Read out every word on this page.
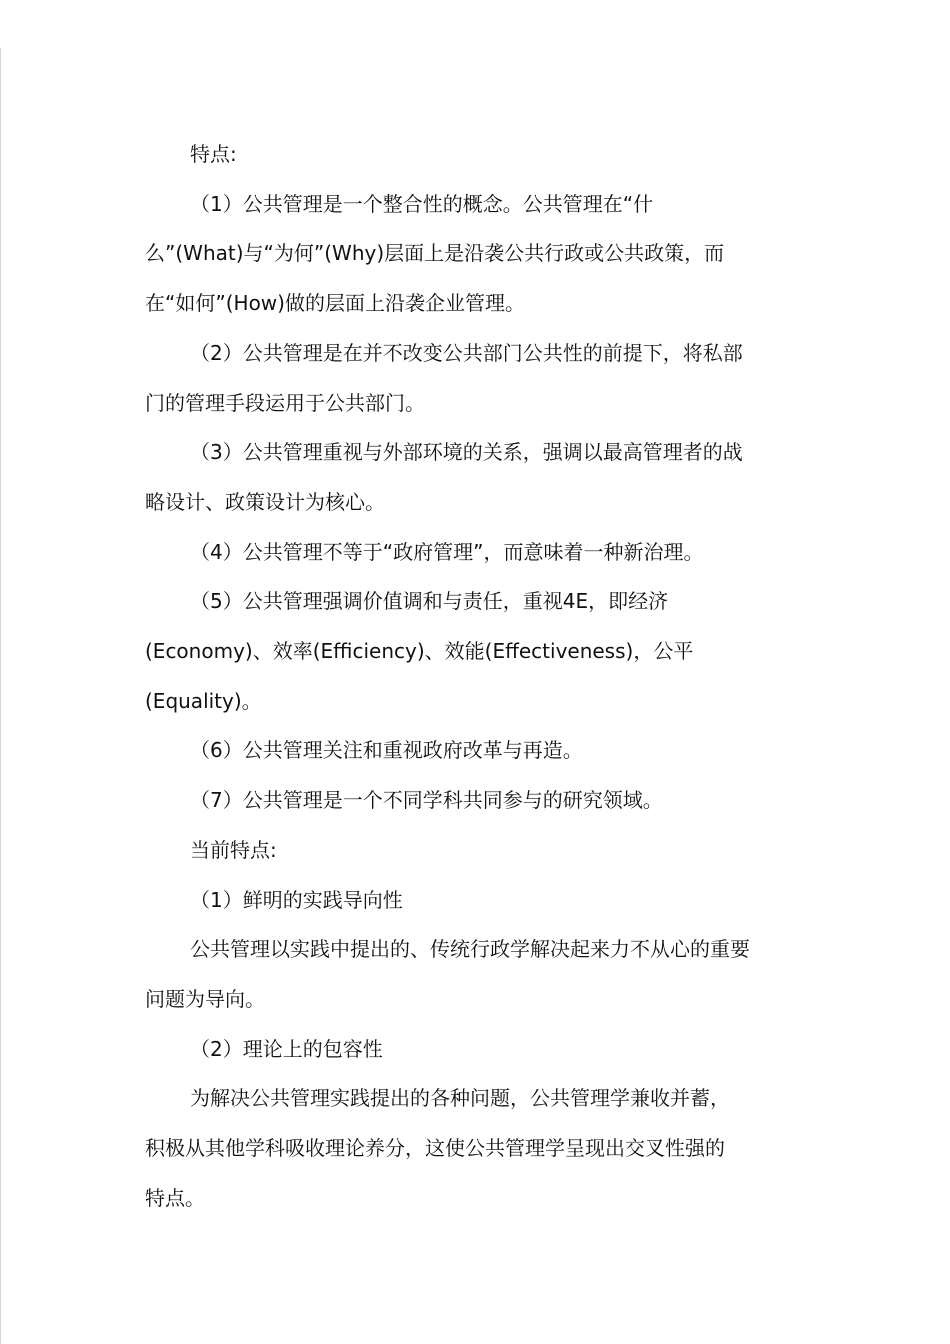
特点:

（1）公共管理是一个整合性的概念。公共管理在“什

么”(What)与“为何”(Why)层面上是沿袭公共行政或公共政策，而

在“如何”(How)做的层面上沿袭企业管理。

（2）公共管理是在并不改变公共部门公共性的前提下，将私部

门的管理手段运用于公共部门。

（3）公共管理重视与外部环境的关系，强调以最高管理者的战

略设计、政策设计为核心。

（4）公共管理不等于“政府管理”，而意味着一种新治理。

（5）公共管理强调价值调和与责任，重视4E，即经济

(Economy)、效率(Efficiency)、效能(Effectiveness)，公平

(Equality)。

（6）公共管理关注和重视政府改革与再造。

（7）公共管理是一个不同学科共同参与的研究领域。

当前特点:

（1）鲜明的实践导向性

公共管理以实践中提出的、传统行政学解决起来力不从心的重要

问题为导向。

（2）理论上的包容性

为解决公共管理实践提出的各种问题，公共管理学兼收并蓄，

积极从其他学科吸收理论养分，这使公共管理学呈现出交叉性强的

特点。
